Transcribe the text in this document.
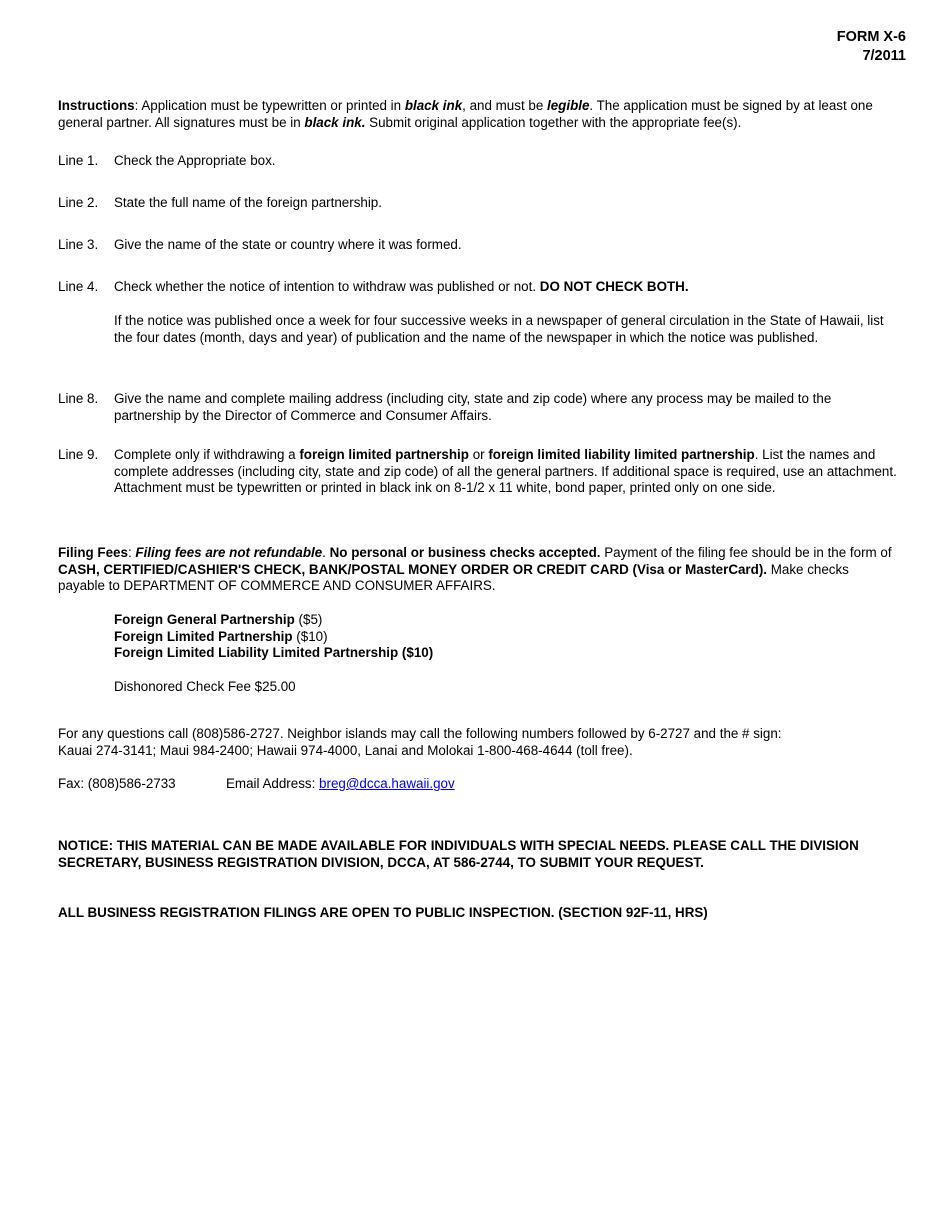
FORM X-6
7/2011
Instructions: Application must be typewritten or printed in black ink, and must be legible. The application must be signed by at least one general partner. All signatures must be in black ink. Submit original application together with the appropriate fee(s).
Line 1.	Check the Appropriate box.
Line 2.	State the full name of the foreign partnership.
Line 3.	Give the name of the state or country where it was formed.
Line 4.	Check whether the notice of intention to withdraw was published or not. DO NOT CHECK BOTH.
If the notice was published once a week for four successive weeks in a newspaper of general circulation in the State of Hawaii, list the four dates (month, days and year) of publication and the name of the newspaper in which the notice was published.
Line 8.	Give the name and complete mailing address (including city, state and zip code) where any process may be mailed to the partnership by the Director of Commerce and Consumer Affairs.
Line 9.	Complete only if withdrawing a foreign limited partnership or foreign limited liability limited partnership. List the names and complete addresses (including city, state and zip code) of all the general partners. If additional space is required, use an attachment. Attachment must be typewritten or printed in black ink on 8-1/2 x 11 white, bond paper, printed only on one side.
Filing Fees: Filing fees are not refundable. No personal or business checks accepted. Payment of the filing fee should be in the form of CASH, CERTIFIED/CASHIER'S CHECK, BANK/POSTAL MONEY ORDER OR CREDIT CARD (Visa or MasterCard). Make checks payable to DEPARTMENT OF COMMERCE AND CONSUMER AFFAIRS.
Foreign General Partnership ($5)
Foreign Limited Partnership ($10)
Foreign Limited Liability Limited Partnership ($10)
Dishonored Check Fee $25.00
For any questions call (808)586-2727. Neighbor islands may call the following numbers followed by 6-2727 and the # sign:
Kauai 274-3141; Maui 984-2400; Hawaii 974-4000, Lanai and Molokai 1-800-468-4644 (toll free).
Fax: (808)586-2733	Email Address: breg@dcca.hawaii.gov
NOTICE: THIS MATERIAL CAN BE MADE AVAILABLE FOR INDIVIDUALS WITH SPECIAL NEEDS. PLEASE CALL THE DIVISION SECRETARY, BUSINESS REGISTRATION DIVISION, DCCA, AT 586-2744, TO SUBMIT YOUR REQUEST.
ALL BUSINESS REGISTRATION FILINGS ARE OPEN TO PUBLIC INSPECTION. (SECTION 92F-11, HRS)
